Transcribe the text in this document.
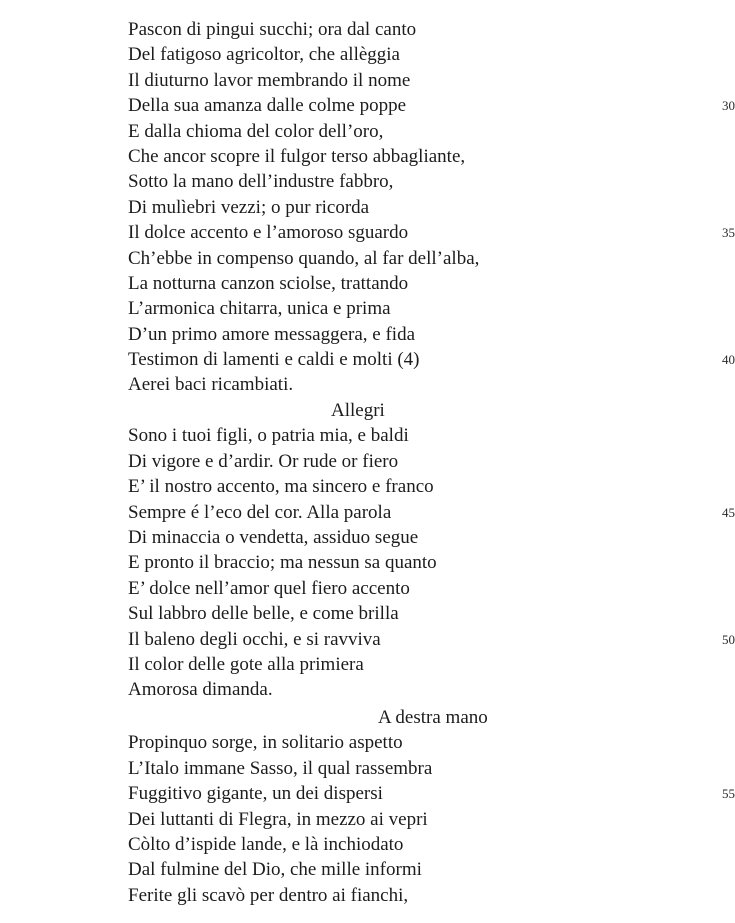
Pascon di pingui succhi; ora dal canto
Del fatigoso agricoltor, che allèggia
Il diuturno lavor membrando il nome
Della sua amanza dalle colme poppe	30
E dalla chioma del color dell’oro,
Che ancor scopre il fulgor terso abbagliante,
Sotto la mano dell’industre fabbro,
Di mulìebri vezzi; o pur ricorda
Il dolce accento e l’amoroso sguardo	35
Ch’ebbe in compenso quando, al far dell’alba,
La notturna canzon sciolse, trattando
L’armonica chitarra, unica e prima
D’un primo amore messaggera, e fida
Testimon di lamenti e caldi e molti (4)	40
Aerei baci ricambiati.
Allegri
Sono i tuoi figli, o patria mia, e baldi
Di vigore e d’ardir. Or rude or fiero
E’ il nostro accento, ma sincero e franco
Sempre é l’eco del cor. Alla parola	45
Di minaccia o vendetta, assiduo segue
E pronto il braccio; ma nessun sa quanto
E’ dolce nell’amor quel fiero accento
Sul labbro delle belle, e come brilla
Il baleno degli occhi, e si ravviva	50
Il color delle gote alla primiera
Amorosa dimanda.
A destra mano
Propinquo sorge, in solitario aspetto
L’Italo immane Sasso, il qual rassembra
Fuggitivo gigante, un dei dispersi	55
Dei luttanti di Flegra, in mezzo ai vepri
Còlto d’ispide lande, e là inchiodato
Dal fulmine del Dio, che mille informi
Ferite gli scavò per dentro ai fianchi,
